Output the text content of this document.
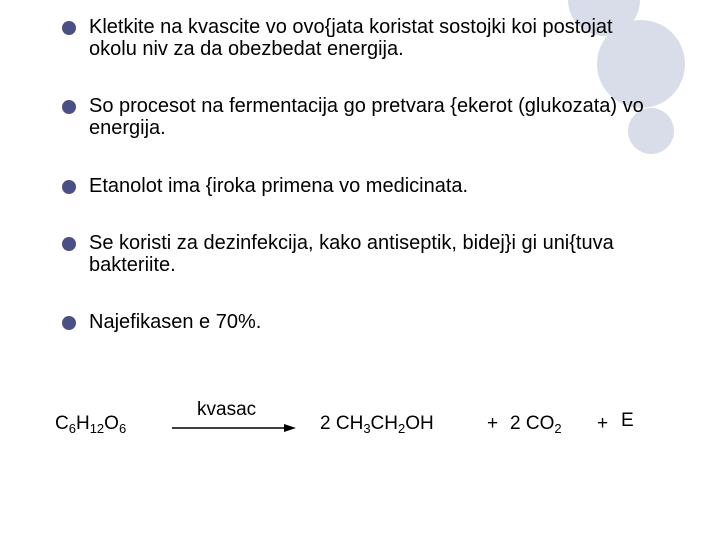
Kletkite na kvascite vo ovo{jata koristat sostojki koi postojat okolu niv za da obezbedat energija.
So procesot na fermentacija go pretvara {ekerot (glukozata) vo energija.
Etanolot ima {iroka primena vo medicinata.
Se koristi za dezinfekcija, kako antiseptik, bidej}i gi uni{tuva bakteriite.
Najefikasen e 70%.
$C_6H_{12}O_6$
kvasac
2 $CH_3CH_2OH$	+ 2 $CO_2 + E$
